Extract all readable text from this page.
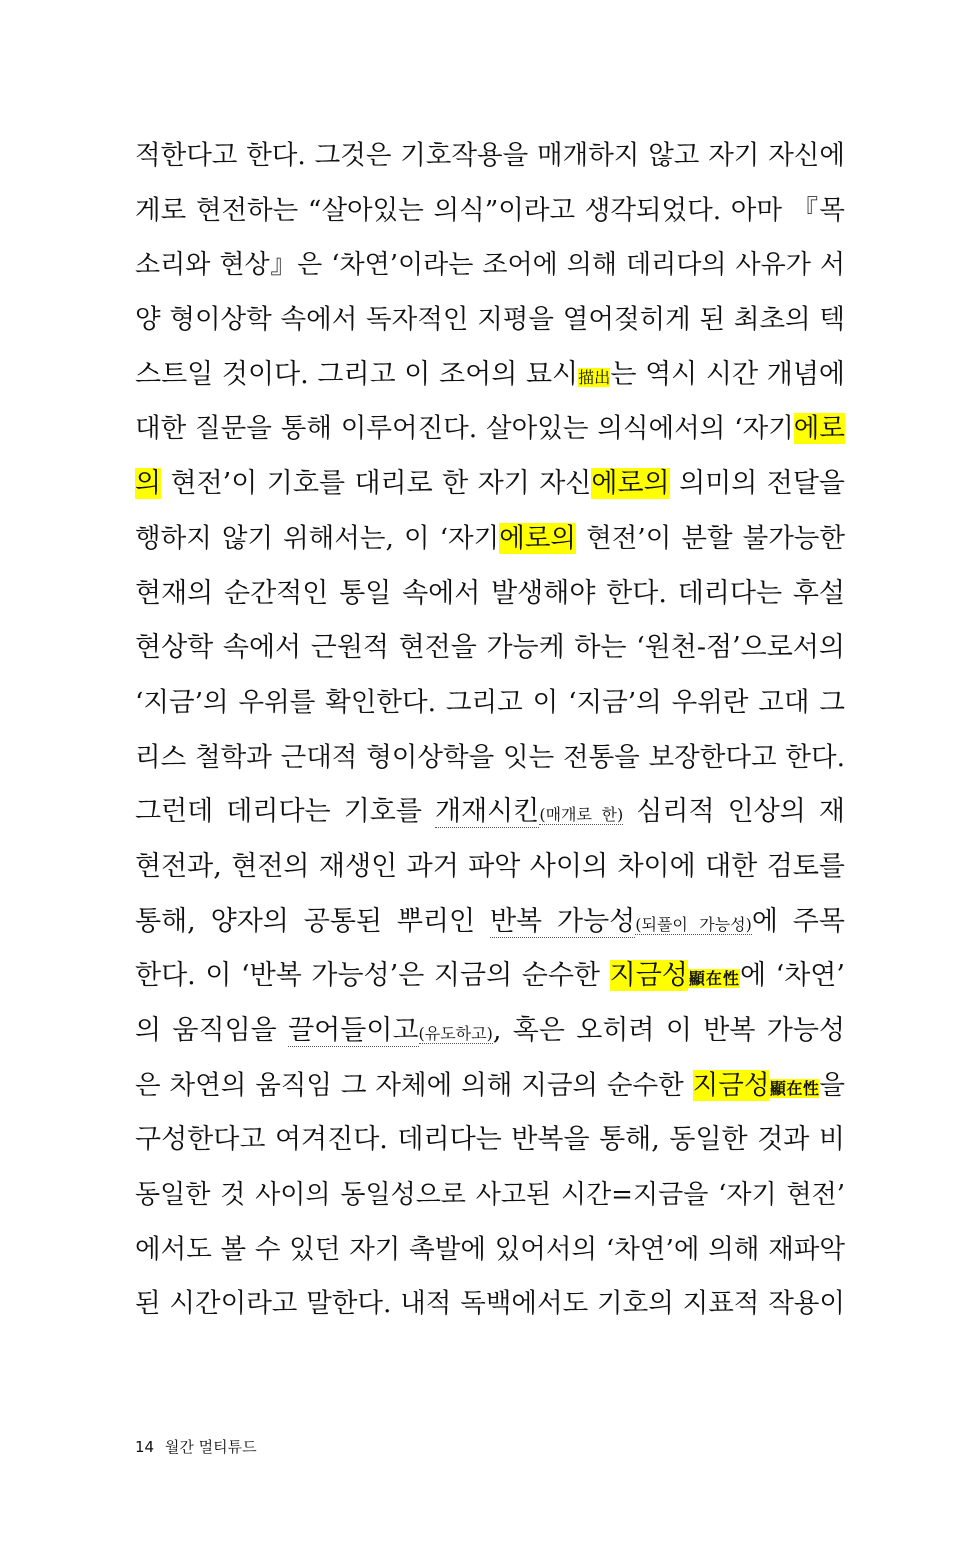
적한다고 한다. 그것은 기호작용을 매개하지 않고 자기 자신에
게로 현전하는 “살아있는 의식”이라고 생각되었다. 아마 『목
소리와 현상』은 ‘차연’이라는 조어에 의해 데리다의 사유가 서
양 형이상학 속에서 독자적인 지평을 열어젖히게 된 최초의 텍
스트일 것이다. 그리고 이 조어의 묘시描出는 역시 시간 개념에
대한 질문을 통해 이루어진다. 살아있는 의식에서의 ‘자기에로
의 현전’이 기호를 대리로 한 자기 자신에로의 의미의 전달을
행하지 않기 위해서는, 이 ‘자기에로의 현전’이 분할 불가능한
현재의 순간적인 통일 속에서 발생해야 한다. 데리다는 후설
현상학 속에서 근원적 현전을 가능케 하는 ‘원천-점’으로서의
‘지금’의 우위를 확인한다. 그리고 이 ‘지금’의 우위란 고대 그
리스 철학과 근대적 형이상학을 잇는 전통을 보장한다고 한다.
그런데 데리다는 기호를 개재시킨(매개로 한) 심리적 인상의 재
현전과, 현전의 재생인 과거 파악 사이의 차이에 대한 검토를
통해, 양자의 공통된 뿌리인 반복 가능성(되풀이 가능성)에 주목
한다. 이 ‘반복 가능성’은 지금의 순수한 지금성顯在性에 ‘차연’
의 움직임을 끌어들이고(유도하고), 혹은 오히려 이 반복 가능성
은 차연의 움직임 그 자체에 의해 지금의 순수한 지금성顯在性을
구성한다고 여겨진다. 데리다는 반복을 통해, 동일한 것과 비
동일한 것 사이의 동일성으로 사고된 시간=지금을 ‘자기 현전’
에서도 볼 수 있던 자기 촉발에 있어서의 ‘차연’에 의해 재파악
된 시간이라고 말한다. 내적 독백에서도 기호의 지표적 작용이
14 월간 멀티튜드
